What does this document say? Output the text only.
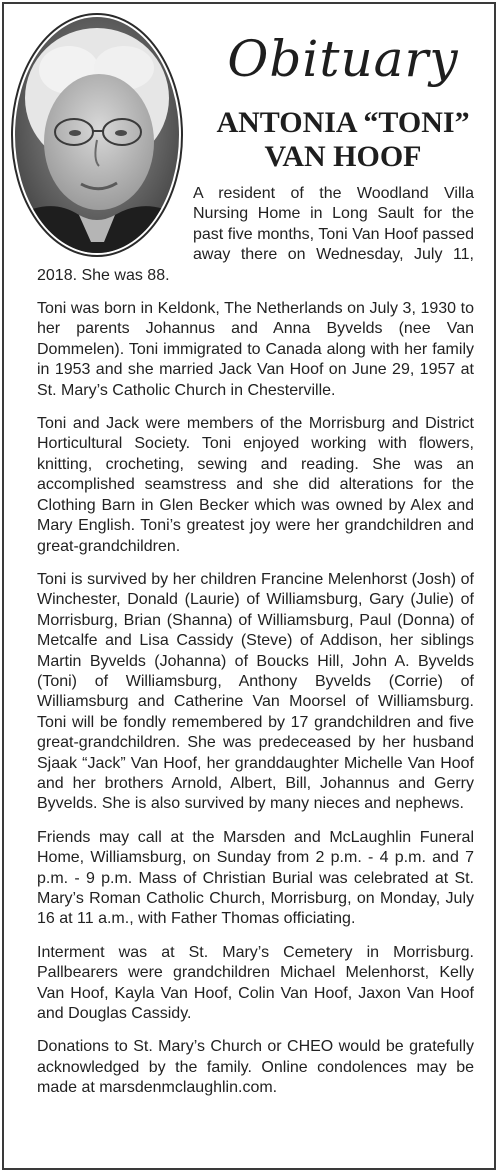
Obituary
ANTONIA “TONI”
VAN HOOF

A resident of the Woodland Villa Nursing Home in Long Sault for the past five months, Toni Van Hoof passed away there on Wednesday, July 11, 2018. She was 88.

Toni was born in Keldonk, The Netherlands on July 3, 1930 to her parents Johannus and Anna Byvelds (nee Van Dommelen). Toni immigrated to Canada along with her family in 1953 and she married Jack Van Hoof on June 29, 1957 at St. Mary’s Catholic Church in Chesterville.

Toni and Jack were members of the Morrisburg and District Horticultural Society. Toni enjoyed working with flowers, knitting, crocheting, sewing and reading. She was an accomplished seamstress and she did alterations for the Clothing Barn in Glen Becker which was owned by Alex and Mary English. Toni’s greatest joy were her grandchildren and great-grandchildren.

Toni is survived by her children Francine Melenhorst (Josh) of Winchester, Donald (Laurie) of Williamsburg, Gary (Julie) of Morrisburg, Brian (Shanna) of Williamsburg, Paul (Donna) of Metcalfe and Lisa Cassidy (Steve) of Addison, her siblings Martin Byvelds (Johanna) of Boucks Hill, John A. Byvelds (Toni) of Williamsburg, Anthony Byvelds (Corrie) of Williamsburg and Catherine Van Moorsel of Williamsburg. Toni will be fondly remembered by 17 grandchildren and five great-grandchildren. She was predeceased by her husband Sjaak “Jack” Van Hoof, her granddaughter Michelle Van Hoof and her brothers Arnold, Albert, Bill, Johannus and Gerry Byvelds. She is also survived by many nieces and nephews.

Friends may call at the Marsden and McLaughlin Funeral Home, Williamsburg, on Sunday from 2 p.m. - 4 p.m. and 7 p.m. - 9 p.m. Mass of Christian Burial was celebrated at St. Mary’s Roman Catholic Church, Morrisburg, on Monday, July 16 at 11 a.m., with Father Thomas officiating.

Interment was at St. Mary’s Cemetery in Morrisburg. Pallbearers were grandchildren Michael Melenhorst, Kelly Van Hoof, Kayla Van Hoof, Colin Van Hoof, Jaxon Van Hoof and Douglas Cassidy.

Donations to St. Mary’s Church or CHEO would be gratefully acknowledged by the family. Online condolences may be made at marsdenmclaughlin.com.
